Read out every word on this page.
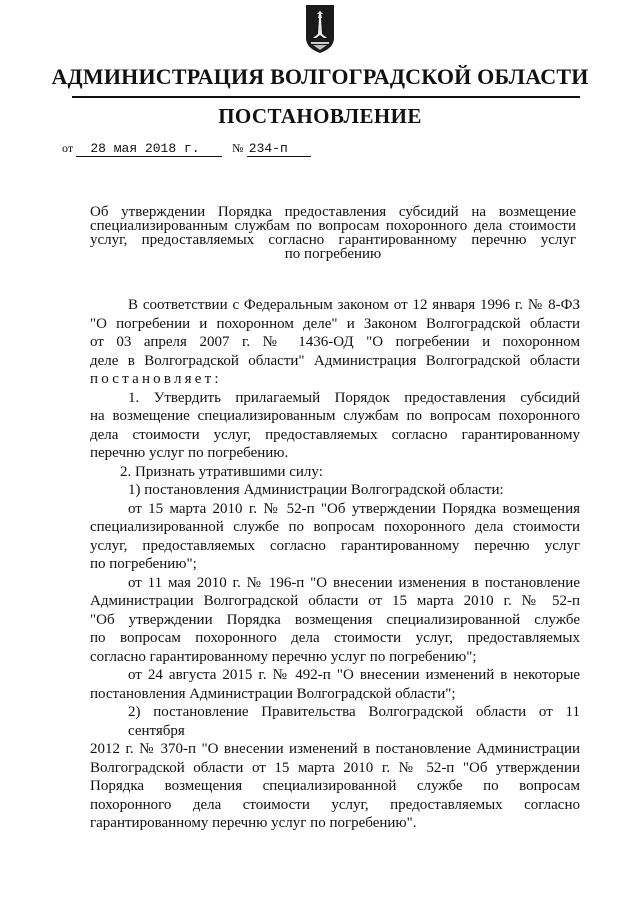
АДМИНИСТРАЦИЯ ВОЛГОГРАДСКОЙ ОБЛАСТИ
ПОСТАНОВЛЕНИЕ
от 28 мая 2018 г.	№ 234-п
Об утверждении Порядка предоставления субсидий на возмещение
специализированным службам по вопросам похоронного дела стоимости
услуг, предоставляемых согласно гарантированному перечню услуг
по погребению
В соответствии с Федеральным законом от 12 января 1996 г. № 8-ФЗ
"О погребении и похоронном деле" и Законом Волгоградской области
от 03 апреля 2007 г. № 1436-ОД "О погребении и похоронном
деле в Волгоградской области" Администрация Волгоградской области
постановляет:
1. Утвердить прилагаемый Порядок предоставления субсидий
на возмещение специализированным службам по вопросам похоронного
дела стоимости услуг, предоставляемых согласно гарантированному
перечню услуг по погребению.
2. Признать утратившими силу:
1) постановления Администрации Волгоградской области:
от 15 марта 2010 г. № 52-п "Об утверждении Порядка возмещения
специализированной службе по вопросам похоронного дела стоимости
услуг, предоставляемых согласно гарантированному перечню услуг
по погребению";
от 11 мая 2010 г. № 196-п "О внесении изменения в постановление
Администрации Волгоградской области от 15 марта 2010 г. № 52-п
"Об утверждении Порядка возмещения специализированной службе
по вопросам похоронного дела стоимости услуг, предоставляемых
согласно гарантированному перечню услуг по погребению";
от 24 августа 2015 г. № 492-п "О внесении изменений в некоторые
постановления Администрации Волгоградской области";
2) постановление Правительства Волгоградской области от 11 сентября
2012 г. № 370-п "О внесении изменений в постановление Администрации
Волгоградской области от 15 марта 2010 г. № 52-п "Об утверждении
Порядка возмещения специализированной службе по вопросам
похоронного дела стоимости услуг, предоставляемых согласно
гарантированному перечню услуг по погребению".
